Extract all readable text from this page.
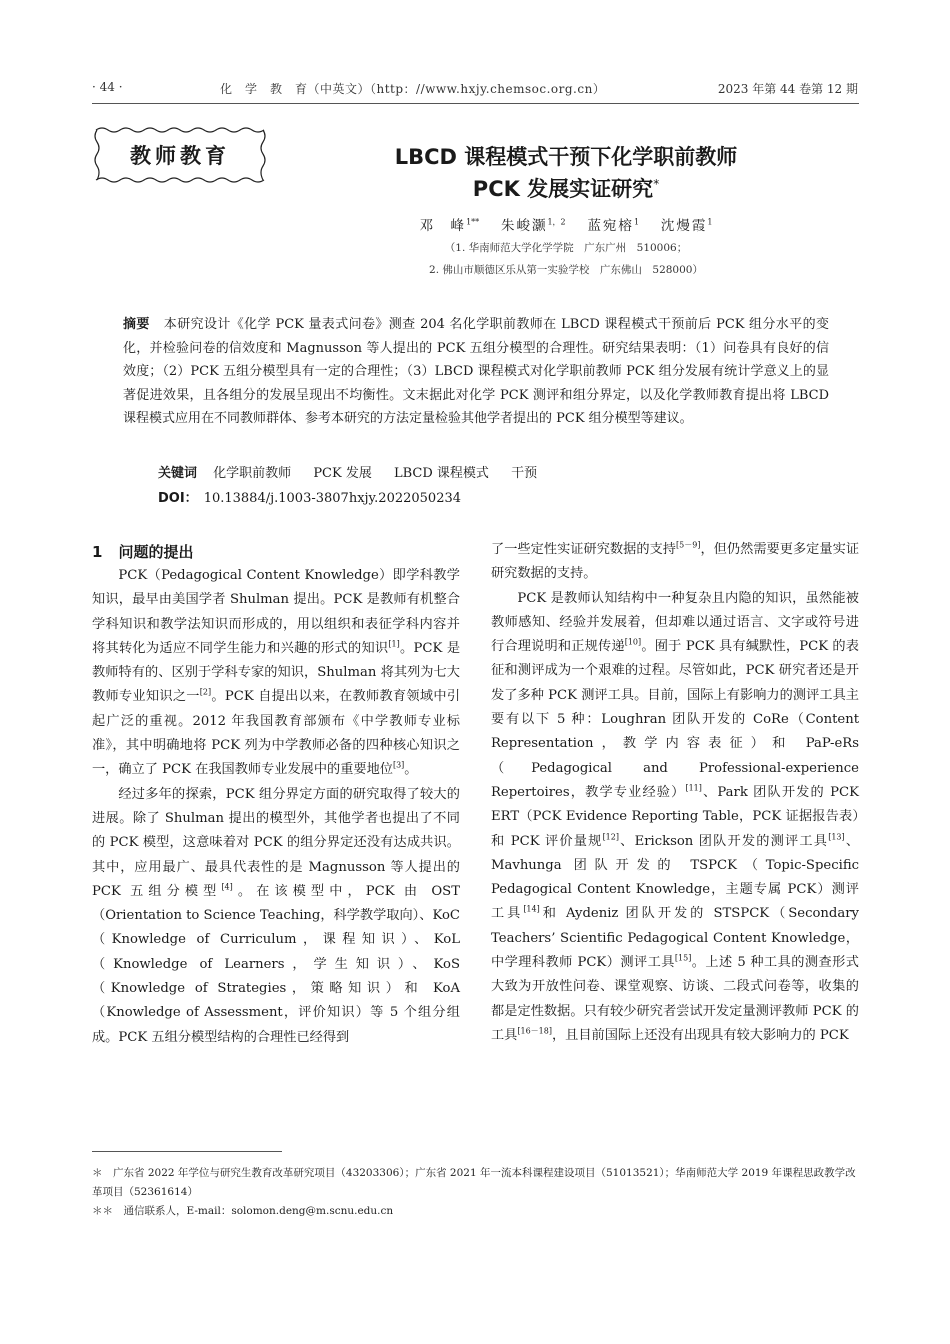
· 44 ·	化　学　教　育（中英文）（http：//www.hxjy.chemsoc.org.cn）	2023 年第 44 卷第 12 期
教师教育	LBCD 课程模式干预下化学职前教师
PCK 发展实证研究*
邓　峰$^{1**}$  朱峻灏$^{1,2}$  蓝宛榕$^1$  沈熳霞$^1$
（1. 华南师范大学化学学院　广东广州　510006；
2. 佛山市顺德区乐从第一实验学校　广东佛山　528000）
摘要 本研究设计《化学 PCK 量表式问卷》测查 204 名化学职前教师在 LBCD 课程模式干预前后 PCK 组分水平的变化，并检验问卷的信效度和 Magnusson 等人提出的 PCK 五组分模型的合理性。研究结果表明：（1）问卷具有良好的信效度；（2）PCK 五组分模型具有一定的合理性；（3）LBCD 课程模式对化学职前教师 PCK 组分发展有统计学意义上的显著促进效果，且各组分的发展呈现出不均衡性。文末据此对化学 PCK 测评和组分界定，以及化学教师教育提出将 LBCD 课程模式应用在不同教师群体、参考本研究的方法定量检验其他学者提出的 PCK 组分模型等建议。
关键词 化学职前教师 PCK 发展 LBCD 课程模式 干预
DOI： 10.13884/j.1003-3807hxjy.2022050234
1 问题的提出

PCK（Pedagogical Content Knowledge）即学科教学知识，最早由美国学者 Shulman 提出。PCK 是教师有机整合学科知识和教学法知识而形成的，用以组织和表征学科内容并将其转化为适应不同学生能力和兴趣的形式的知识[1]。PCK 是教师特有的、区别于学科专家的知识，Shulman 将其列为七大教师专业知识之一[2]。PCK 自提出以来，在教师教育领域中引起广泛的重视。2012 年我国教育部颁布《中学教师专业标准》，其中明确地将 PCK 列为中学教师必备的四种核心知识之一，确立了 PCK 在我国教师专业发展中的重要地位[3]。

经过多年的探索，PCK 组分界定方面的研究取得了较大的进展。除了 Shulman 提出的模型外，其他学者也提出了不同的 PCK 模型，这意味着对 PCK 的组分界定还没有达成共识。其中，应用最广、最具代表性的是 Magnusson 等人提出的 PCK 五组分模型[4]。在该模型中，PCK 由 OST（Orientation to Science Teaching，科学教学取向）、KoC（Knowledge of Curriculum，课程知识）、KoL（Knowledge of Learners，学生知识）、KoS（Knowledge of Strategies，策略知识）和 KoA（Knowledge of Assessment，评价知识）等 5 个组分组成。PCK 五组分模型结构的合理性已经得到

了一些定性实证研究数据的支持[5－9]，但仍然需要更多定量实证研究数据的支持。

PCK 是教师认知结构中一种复杂且内隐的知识，虽然能被教师感知、经验并发展着，但却难以通过语言、文字或符号进行合理说明和正规传递[10]。囿于 PCK 具有缄默性，PCK 的表征和测评成为一个艰难的过程。尽管如此，PCK 研究者还是开发了多种 PCK 测评工具。目前，国际上有影响力的测评工具主要有以下 5 种：Loughran 团队开发的 CoRe（Content Representation，教学内容表征）和 PaP-eRs（Pedagogical and Professional-experience Repertoires，教学专业经验）[11]、Park 团队开发的 PCK ERT（PCK Evidence Reporting Table，PCK 证据报告表）和 PCK 评价量规[12]、Erickson 团队开发的测评工具[13]、Mavhunga 团队开发的 TSPCK（Topic-Specific Pedagogical Content Knowledge，主题专属 PCK）测评工具[14]和 Aydeniz 团队开发的 STSPCK（Secondary Teachers’ Scientific Pedagogical Content Knowledge，中学理科教师 PCK）测评工具[15]。上述 5 种工具的测查形式大致为开放性问卷、课堂观察、访谈、二段式问卷等，收集的都是定性数据。只有较少研究者尝试开发定量测评教师 PCK 的工具[16－18]，且目前国际上还没有出现具有较大影响力的 PCK

＊　广东省 2022 年学位与研究生教育改革研究项目（43203306）；广东省 2021 年一流本科课程建设项目（51013521）；华南师范大学 2019 年课程思政教学改革项目（52361614）

＊＊　通信联系人，E-mail：solomon.deng@m.scnu.edu.cn
